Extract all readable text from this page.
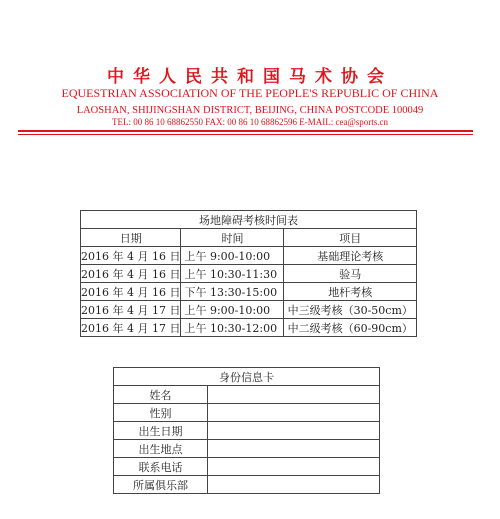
中华人民共和国马术协会
EQUESTRIAN ASSOCIATION OF THE PEOPLE'S REPUBLIC OF CHINA
LAOSHAN, SHIJINGSHAN DISTRICT, BEIJING, CHINA POSTCODE 100049
TEL: 00 86 10 68862550 FAX: 00 86 10 68862596 E-MAIL: cea@sports.cn
场地障碍考核时间表		
日期	时间	项目
2016 年 4 月 16 日	上午 9:00-10:00	基础理论考核
2016 年 4 月 16 日	上午 10:30-11:30	验马
2016 年 4 月 16 日	下午 13:30-15:00	地杆考核
2016 年 4 月 17 日	上午 9:00-10:00	中三级考核（30-50cm）
2016 年 4 月 17 日	上午 10:30-12:00	中二级考核（60-90cm）
身份信息卡	
姓名	
性别	
出生日期	
出生地点	
联系电话	
所属俱乐部	
